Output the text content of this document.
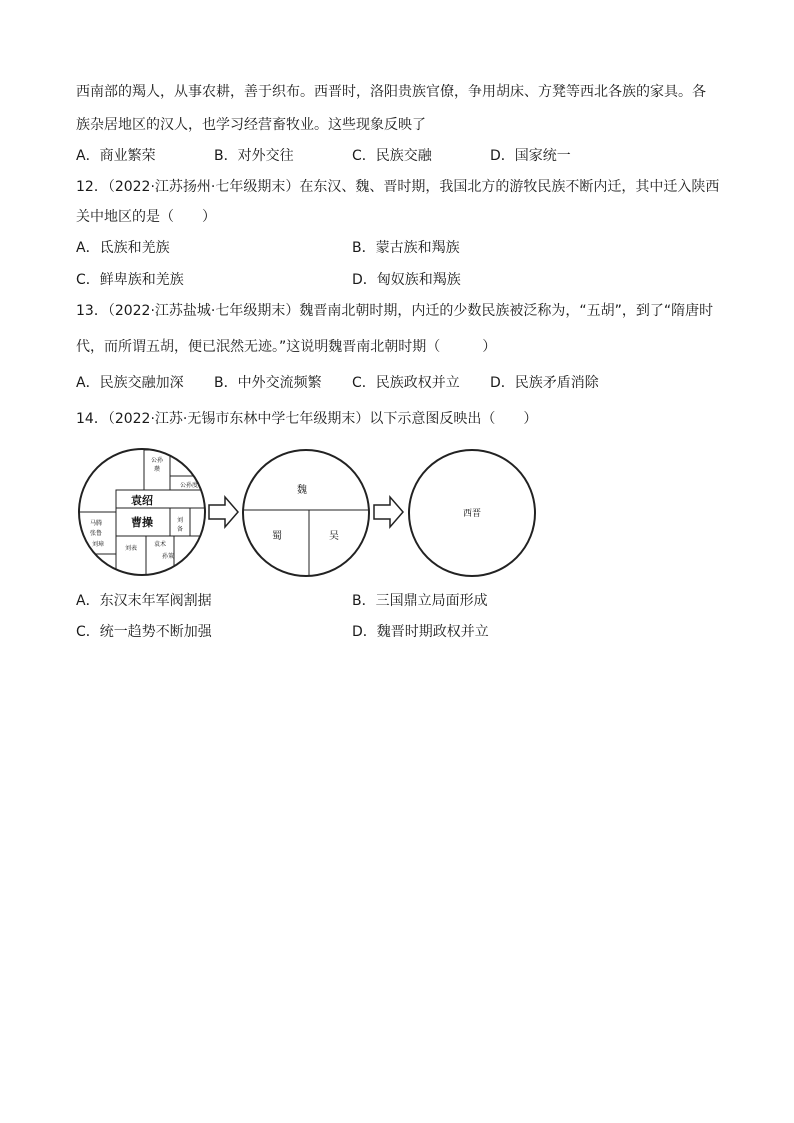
西南部的羯人，从事农耕，善于织布。西晋时，洛阳贵族官僚，争用胡床、方凳等西北各族的家具。各
族杂居地区的汉人，也学习经营畜牧业。这些现象反映了
A．商业繁荣	B．对外交往	C．民族交融	D．国家统一
12．（2022·江苏扬州·七年级期末）在东汉、魏、晋时期，我国北方的游牧民族不断内迁，其中迁入陕西
关中地区的是（　　）
A．氐族和羌族	B．蒙古族和羯族
C．鲜卑族和羌族	D．匈奴族和羯族
13．（2022·江苏盐城·七年级期末）魏晋南北朝时期，内迁的少数民族被泛称为，“五胡”，到了“隋唐时
代，而所谓五胡，便已泯然无迹。”这说明魏晋南北朝时期（　　　）
A．民族交融加深 B．中外交流频繁 C．民族政权并立 D．民族矛盾消除
14．（2022·江苏·无锡市东林中学七年级期末）以下示意图反映出（　　）
公孙
瓒
公孙度
袁绍
曹操
马腾
张鲁
刘
备
刘璋
刘表
袁术
孙策
魏
蜀	吴
西晋
A．东汉末年军阀割据	B．三国鼎立局面形成
C．统一趋势不断加强	D．魏晋时期政权并立
